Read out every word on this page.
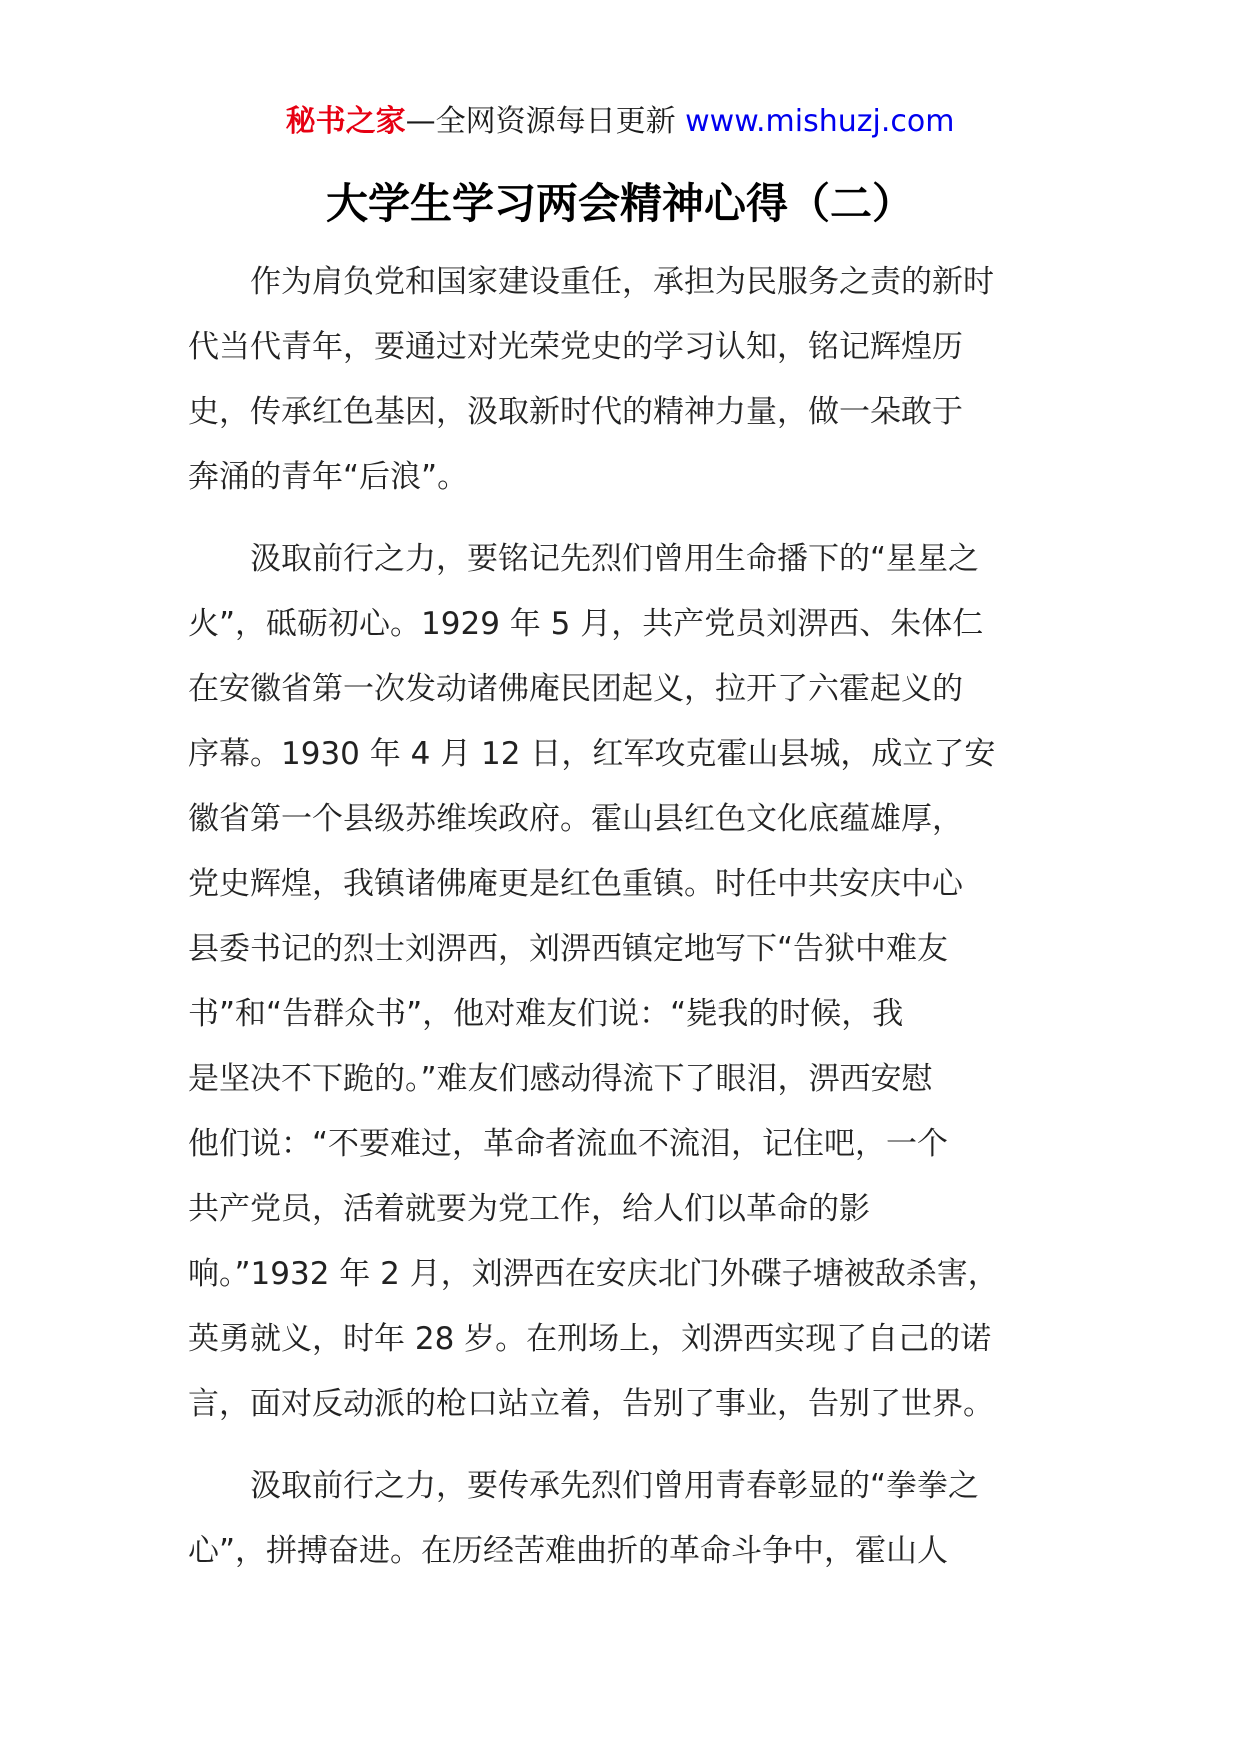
秘书之家—全网资源每日更新 www.mishuzj.com
大学生学习两会精神心得（二）
　　作为肩负党和国家建设重任，承担为民服务之责的新时
代当代青年，要通过对光荣党史的学习认知，铭记辉煌历
史，传承红色基因，汲取新时代的精神力量，做一朵敢于
奔涌的青年“后浪”。
　　汲取前行之力，要铭记先烈们曾用生命播下的“星星之
火”，砥砺初心。1929 年 5 月，共产党员刘淠西、朱体仁
在安徽省第一次发动诸佛庵民团起义，拉开了六霍起义的
序幕。1930 年 4 月 12 日，红军攻克霍山县城，成立了安
徽省第一个县级苏维埃政府。霍山县红色文化底蕴雄厚，
党史辉煌，我镇诸佛庵更是红色重镇。时任中共安庆中心
县委书记的烈士刘淠西，刘淠西镇定地写下“告狱中难友
书”和“告群众书”，他对难友们说：“毙我的时候，我
是坚决不下跪的。”难友们感动得流下了眼泪，淠西安慰
他们说：“不要难过，革命者流血不流泪，记住吧，一个
共产党员，活着就要为党工作，给人们以革命的影
响。”1932 年 2 月，刘淠西在安庆北门外碟子塘被敌杀害，
英勇就义，时年 28 岁。在刑场上，刘淠西实现了自己的诺
言，面对反动派的枪口站立着，告别了事业，告别了世界。
　　汲取前行之力，要传承先烈们曾用青春彰显的“拳拳之
心”，拼搏奋进。在历经苦难曲折的革命斗争中，霍山人
